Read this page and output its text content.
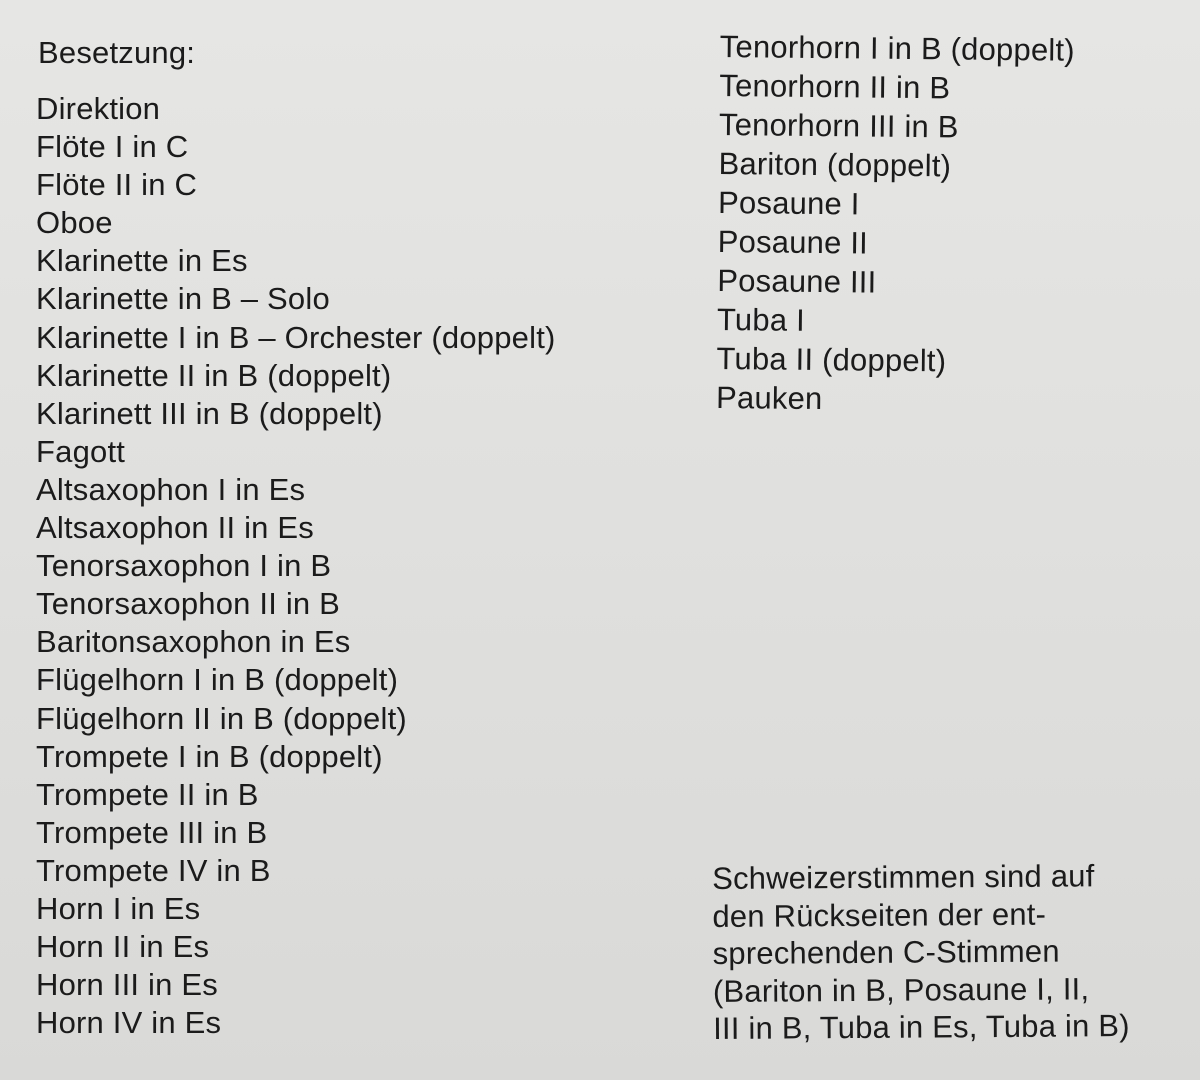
Besetzung:
Direktion
Flöte I in C
Flöte II in C
Oboe
Klarinette in Es
Klarinette in B – Solo
Klarinette I in B – Orchester (doppelt)
Klarinette II in B (doppelt)
Klarinett III in B (doppelt)
Fagott
Altsaxophon I in Es
Altsaxophon II in Es
Tenorsaxophon I in B
Tenorsaxophon II in B
Baritonsaxophon in Es
Flügelhorn I in B (doppelt)
Flügelhorn II in B (doppelt)
Trompete I in B (doppelt)
Trompete II in B
Trompete III in B
Trompete IV in B
Horn I in Es
Horn II in Es
Horn III in Es
Horn IV in Es
Tenorhorn I in B (doppelt)
Tenorhorn II in B
Tenorhorn III in B
Bariton (doppelt)
Posaune I
Posaune II
Posaune III
Tuba I
Tuba II (doppelt)
Pauken

Schweizerstimmen sind auf

den Rückseiten der ent-

sprechenden C-Stimmen

(Bariton in B, Posaune I, II,

III in B, Tuba in Es, Tuba in B)
